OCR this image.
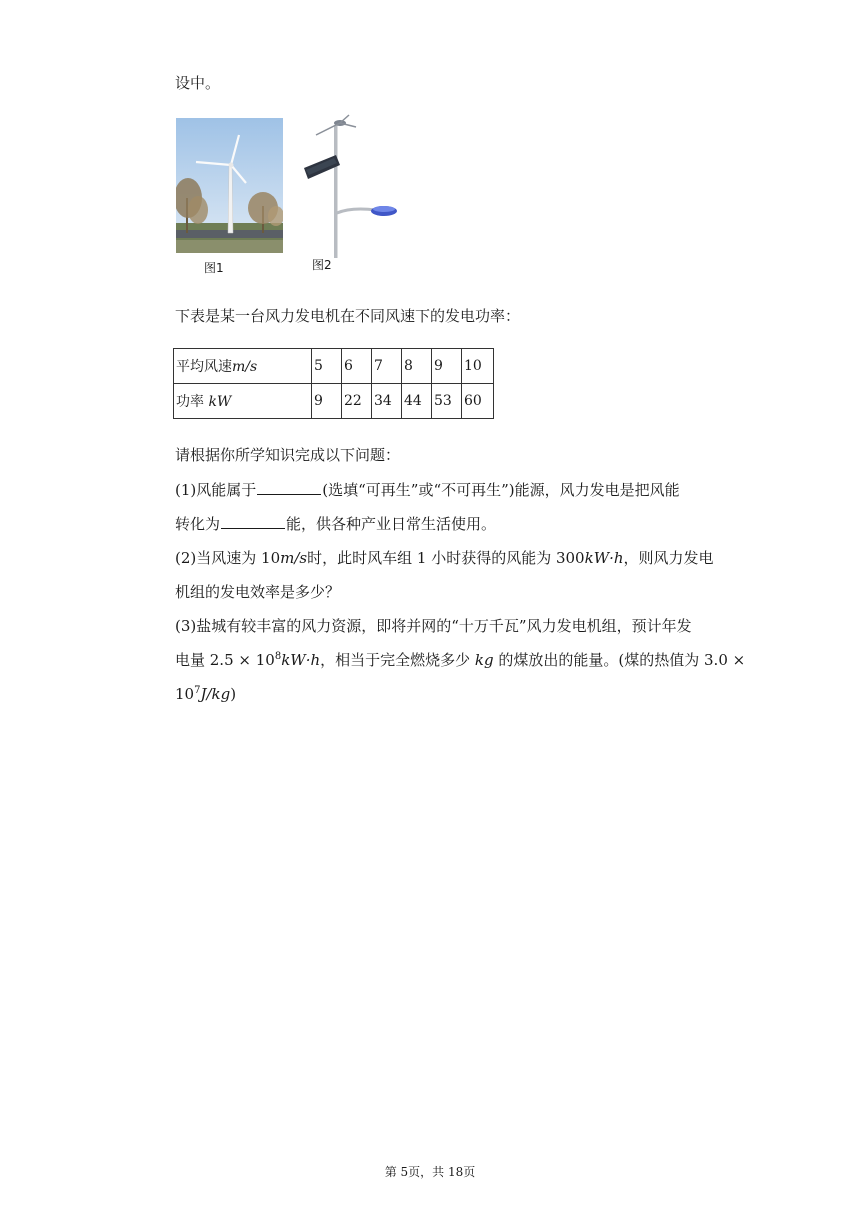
设中。
图1	图2
下表是某一台风力发电机在不同风速下的发电功率：
平均风速m/s	5	6	7	8	9	10
功率 kW	9	22	34	44	53	60
请根据你所学知识完成以下问题：
(1)风能属于	(选填“可再生”或“不可再生”)能源，风力发电是把风能
转化为	能，供各种产业日常生活使用。
(2)当风速为 10m/s时，此时风车组 1 小时获得的风能为 300kW·h，则风力发电
机组的发电效率是多少？
(3)盐城有较丰富的风力资源，即将并网的“十万千瓦”风力发电机组，预计年发
电量 $2.5 \times 10^8kW\cdot h$，相当于完全燃烧多少 kg 的煤放出的能量。(煤的热值为 3.0 ×
$10^7J/kg$)
第 5页，共 18页
